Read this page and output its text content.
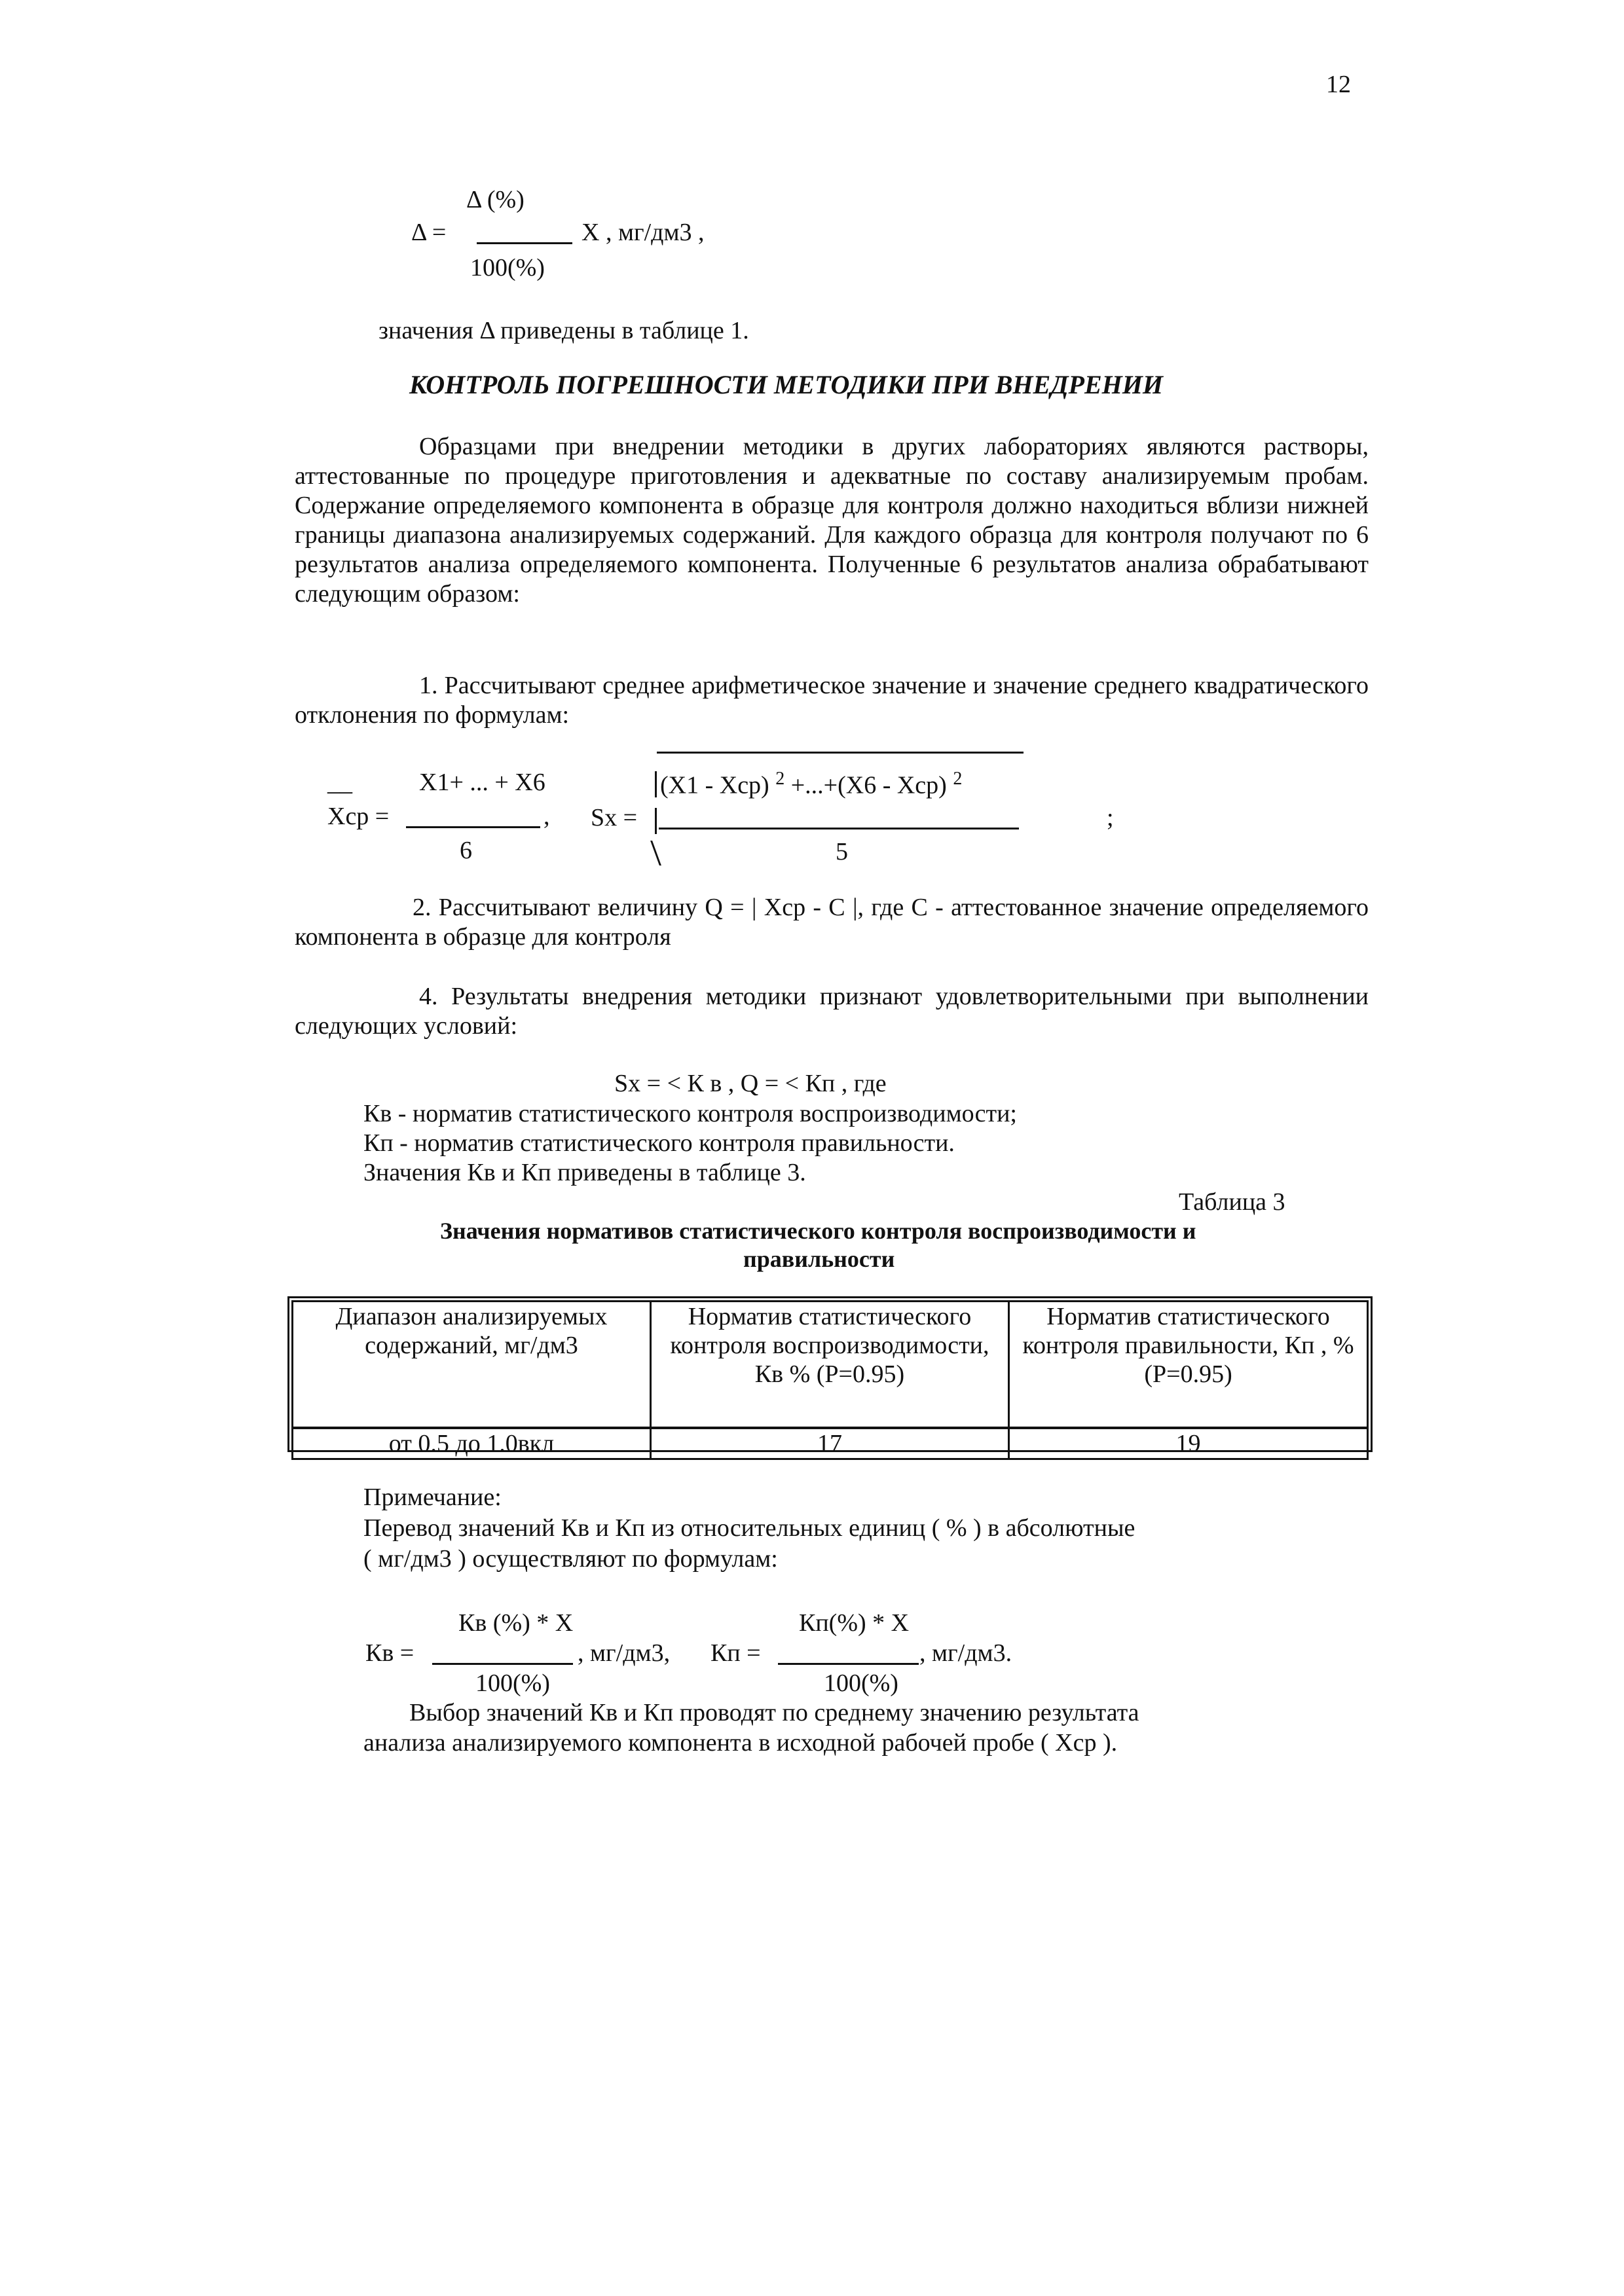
12
Δ (%)
Δ =	X , мг/дм3 ,
100(%)
значения Δ приведены в таблице 1.
КОНТРОЛЬ ПОГРЕШНОСТИ МЕТОДИКИ ПРИ ВНЕДРЕНИИ
Образцами при внедрении методики в других лабораториях являются растворы, аттестованные по процедуре приготовления и адекватные по составу анализируемым пробам. Содержание определяемого компонента в образце для контроля должно находиться вблизи нижней границы диапазона анализируемых содержаний. Для каждого образца для контроля получают по 6 результатов анализа определяемого компонента. Полученные 6 результатов анализа обрабатывают следующим образом:
1. Рассчитывают среднее арифметическое значение и значение среднего квадратического отклонения по формулам:
__	X1+ ... + X6
Xcp =	,
6
(X1 - Xcp) $^2$ +...+(X6 - Xcp) $^2$
Sx =	;
5
2. Рассчитывают величину Q = | Xcp - C |, где C - аттестованное значение определяемого компонента в образце для контроля
4. Результаты внедрения методики признают удовлетворительными при выполнении следующих условий:
Sx = < К в , Q = < Кп , где
Кв - норматив статистического контроля воспроизводимости;
Кп - норматив статистического контроля правильности.
Значения Кв и Кп приведены в таблице 3.
Таблица 3
Значения нормативов статистического контроля воспроизводимости и
правильности
Диапазон анализируемых содержаний, мг/дм3	Норматив статистического контроля воспроизводимости, Кв % (Р=0.95)	Норматив статистического контроля правильности, Кп , % (Р=0.95)
от 0.5 до 1.0вкл	17	19
Примечание:
Перевод значений Кв и Кп из относительных единиц ( % ) в абсолютные
( мг/дм3 ) осуществляют по формулам:
Кв (%) * X
Кв =	, мг/дм3,
100(%)
Кп(%) * X
Кп =	, мг/дм3.
100(%)
Выбор значений Кв и Кп проводят по среднему значению результата
анализа анализируемого компонента в исходной рабочей пробе ( Xcp ).
